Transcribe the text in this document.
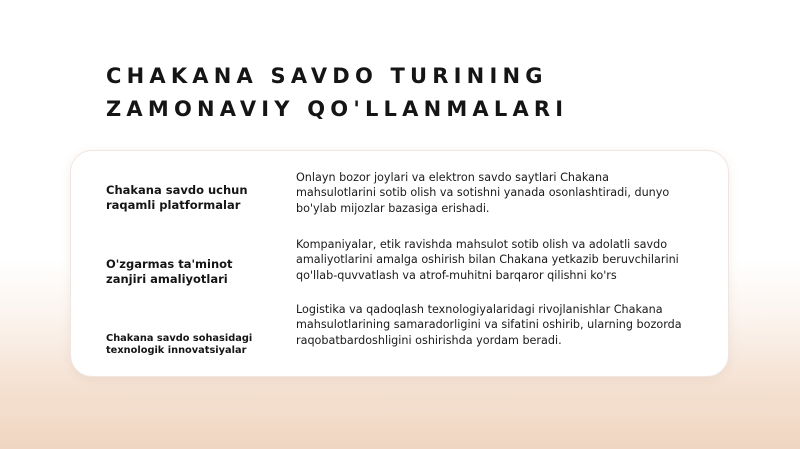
CHAKANA SAVDO TURINING
ZAMONAVIY QO'LLANMALARI

Chakana savdo uchun
raqamli platformalar

Onlayn bozor joylari va elektron savdo saytlari Chakana mahsulotlarini sotib olish va sotishni yanada osonlashtiradi, dunyo bo'ylab mijozlar bazasiga erishadi.

O'zgarmas ta'minot
zanjiri amaliyotlari

Kompaniyalar, etik ravishda mahsulot sotib olish va adolatli savdo amaliyotlarini amalga oshirish bilan Chakana yetkazib beruvchilarini qo'llab-quvvatlash va atrof-muhitni barqaror qilishni ko'rs

Chakana savdo sohasidagi
texnologik innovatsiyalar

Logistika va qadoqlash texnologiyalaridagi rivojlanishlar Chakana mahsulotlarining samaradorligini va sifatini oshirib, ularning bozorda raqobatbardoshligini oshirishda yordam beradi.
